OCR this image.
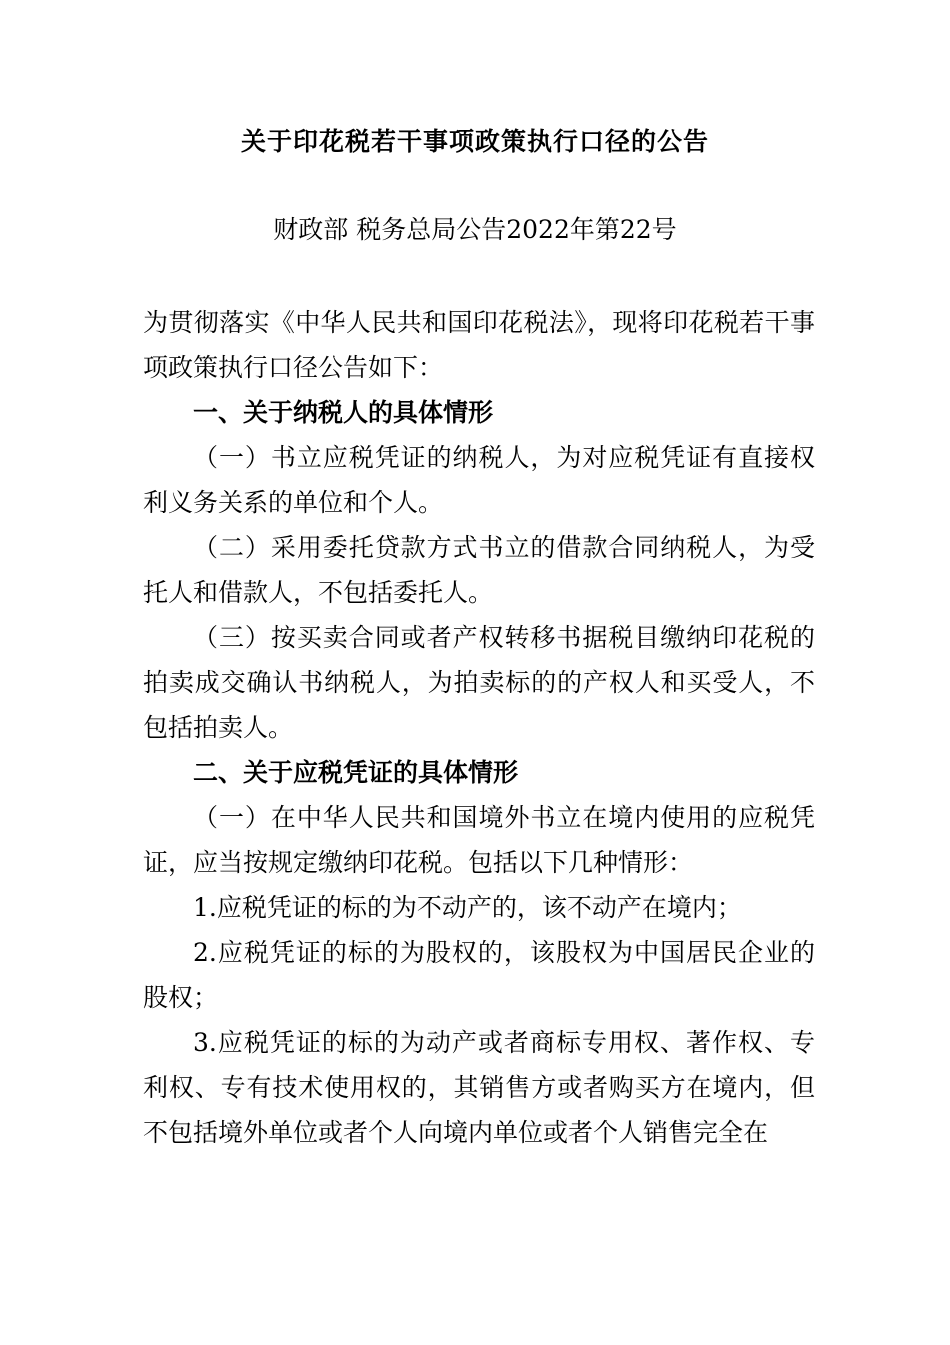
关于印花税若干事项政策执行口径的公告
财政部 税务总局公告2022年第22号

为贯彻落实《中华人民共和国印花税法》，现将印花税若干事项政策执行口径公告如下：

一、关于纳税人的具体情形

（一）书立应税凭证的纳税人，为对应税凭证有直接权利义务关系的单位和个人。

（二）采用委托贷款方式书立的借款合同纳税人，为受托人和借款人，不包括委托人。

（三）按买卖合同或者产权转移书据税目缴纳印花税的拍卖成交确认书纳税人，为拍卖标的的产权人和买受人，不包括拍卖人。

二、关于应税凭证的具体情形

（一）在中华人民共和国境外书立在境内使用的应税凭证，应当按规定缴纳印花税。包括以下几种情形：

1.应税凭证的标的为不动产的，该不动产在境内；

2.应税凭证的标的为股权的，该股权为中国居民企业的股权；

3.应税凭证的标的为动产或者商标专用权、著作权、专利权、专有技术使用权的，其销售方或者购买方在境内，但不包括境外单位或者个人向境内单位或者个人销售完全在
